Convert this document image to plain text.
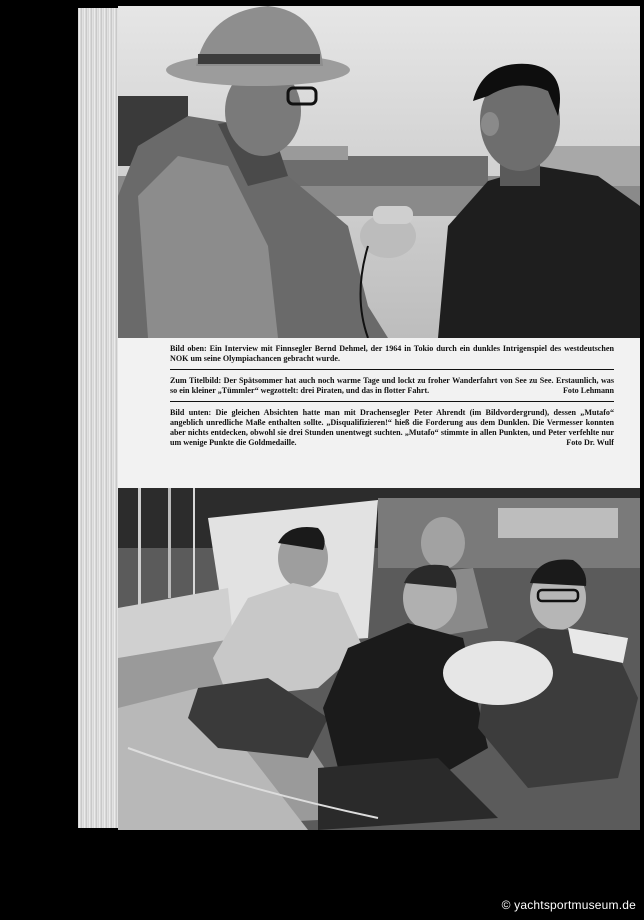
Bild oben: Ein Interview mit Finnsegler Bernd Dehmel, der 1964 in Tokio durch ein dunkles Intrigenspiel des westdeutschen NOK um seine Olympiachancen gebracht wurde.

Zum Titelbild: Der Spätsommer hat auch noch warme Tage und lockt zu froher Wanderfahrt von See zu See. Erstaunlich, was so ein kleiner „Tümmler“ wegzottelt: drei Piraten, und das in flotter Fahrt.	Foto Lehmann

Bild unten: Die gleichen Absichten hatte man mit Drachensegler Peter Ahrendt (im Bildvordergrund), dessen „Mutafo“ angeblich unredliche Maße enthalten sollte. „Disqualifizieren!“ hieß die Forderung aus dem Dunklen. Die Vermesser konnten aber nichts entdecken, obwohl sie drei Stunden unentwegt suchten. „Mutafo“ stimmte in allen Punkten, und Peter verfehlte nur um wenige Punkte die Goldmedaille.	Foto Dr. Wulf

© yachtsportmuseum.de
